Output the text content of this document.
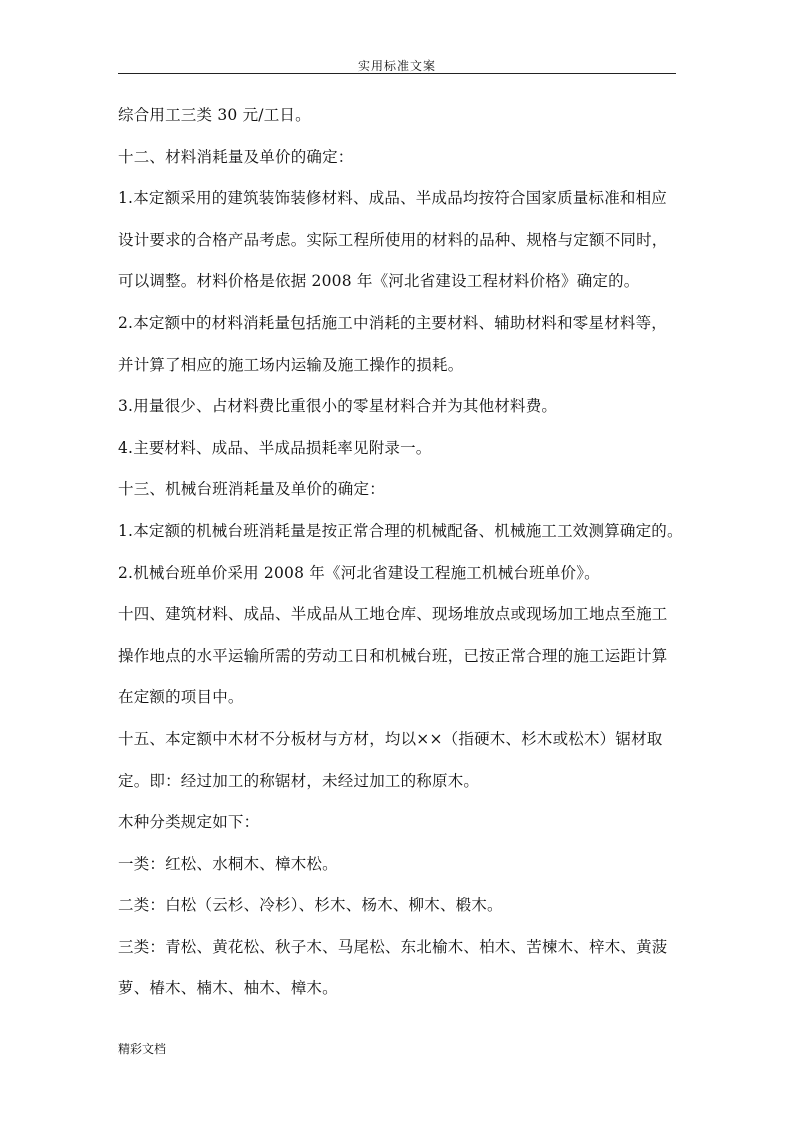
实用标准文案
综合用工三类 30 元/工日。
十二、材料消耗量及单价的确定：
1.本定额采用的建筑装饰装修材料、成品、半成品均按符合国家质量标准和相应
设计要求的合格产品考虑。实际工程所使用的材料的品种、规格与定额不同时，
可以调整。材料价格是依据 2008 年《河北省建设工程材料价格》确定的。
2.本定额中的材料消耗量包括施工中消耗的主要材料、辅助材料和零星材料等，
并计算了相应的施工场内运输及施工操作的损耗。
3.用量很少、占材料费比重很小的零星材料合并为其他材料费。
4.主要材料、成品、半成品损耗率见附录一。
十三、机械台班消耗量及单价的确定：
1.本定额的机械台班消耗量是按正常合理的机械配备、机械施工工效测算确定的。
2.机械台班单价采用 2008 年《河北省建设工程施工机械台班单价》。
十四、建筑材料、成品、半成品从工地仓库、现场堆放点或现场加工地点至施工
操作地点的水平运输所需的劳动工日和机械台班，已按正常合理的施工运距计算
在定额的项目中。
十五、本定额中木材不分板材与方材，均以××（指硬木、杉木或松木）锯材取
定。即：经过加工的称锯材，未经过加工的称原木。
木种分类规定如下：
一类：红松、水桐木、樟木松。
二类：白松（云杉、冷杉）、杉木、杨木、柳木、椴木。
三类：青松、黄花松、秋子木、马尾松、东北榆木、柏木、苦楝木、梓木、黄菠
萝、椿木、楠木、柚木、樟木。
精彩文档
